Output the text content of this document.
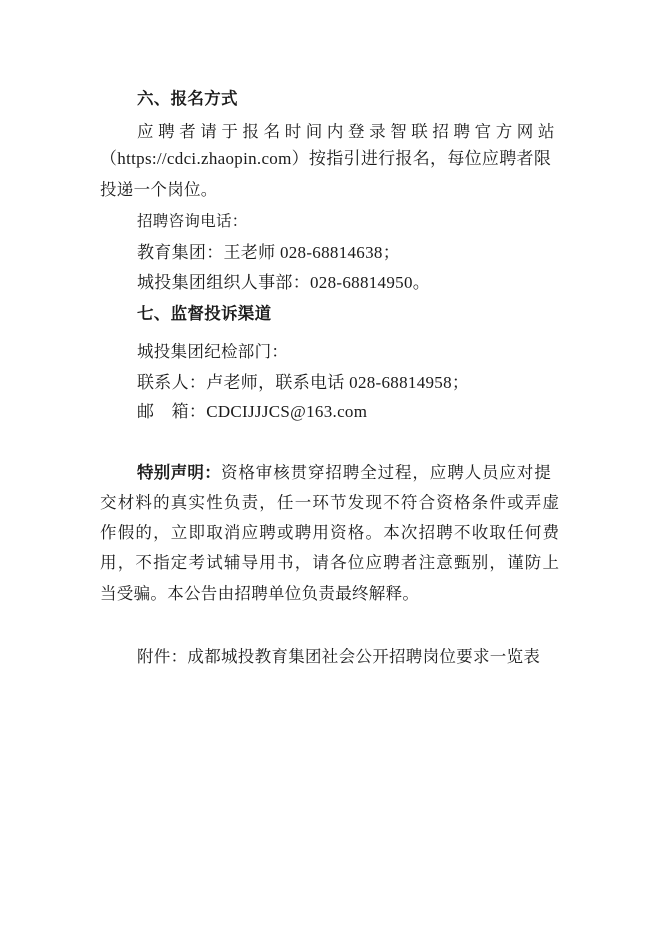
六、报名方式
应聘者请于报名时间内登录智联招聘官方网站
（https://cdci.zhaopin.com）按指引进行报名，每位应聘者限
投递一个岗位。
招聘咨询电话：
教育集团：王老师 028-68814638；
城投集团组织人事部：028-68814950。
七、监督投诉渠道
城投集团纪检部门：
联系人：卢老师，联系电话 028-68814958；
邮　箱：CDCIJJJCS@163.com
特别声明：资格审核贯穿招聘全过程，应聘人员应对提
交材料的真实性负责，任一环节发现不符合资格条件或弄虚
作假的，立即取消应聘或聘用资格。本次招聘不收取任何费
用，不指定考试辅导用书，请各位应聘者注意甄别，谨防上
当受骗。本公告由招聘单位负责最终解释。
附件：成都城投教育集团社会公开招聘岗位要求一览表
